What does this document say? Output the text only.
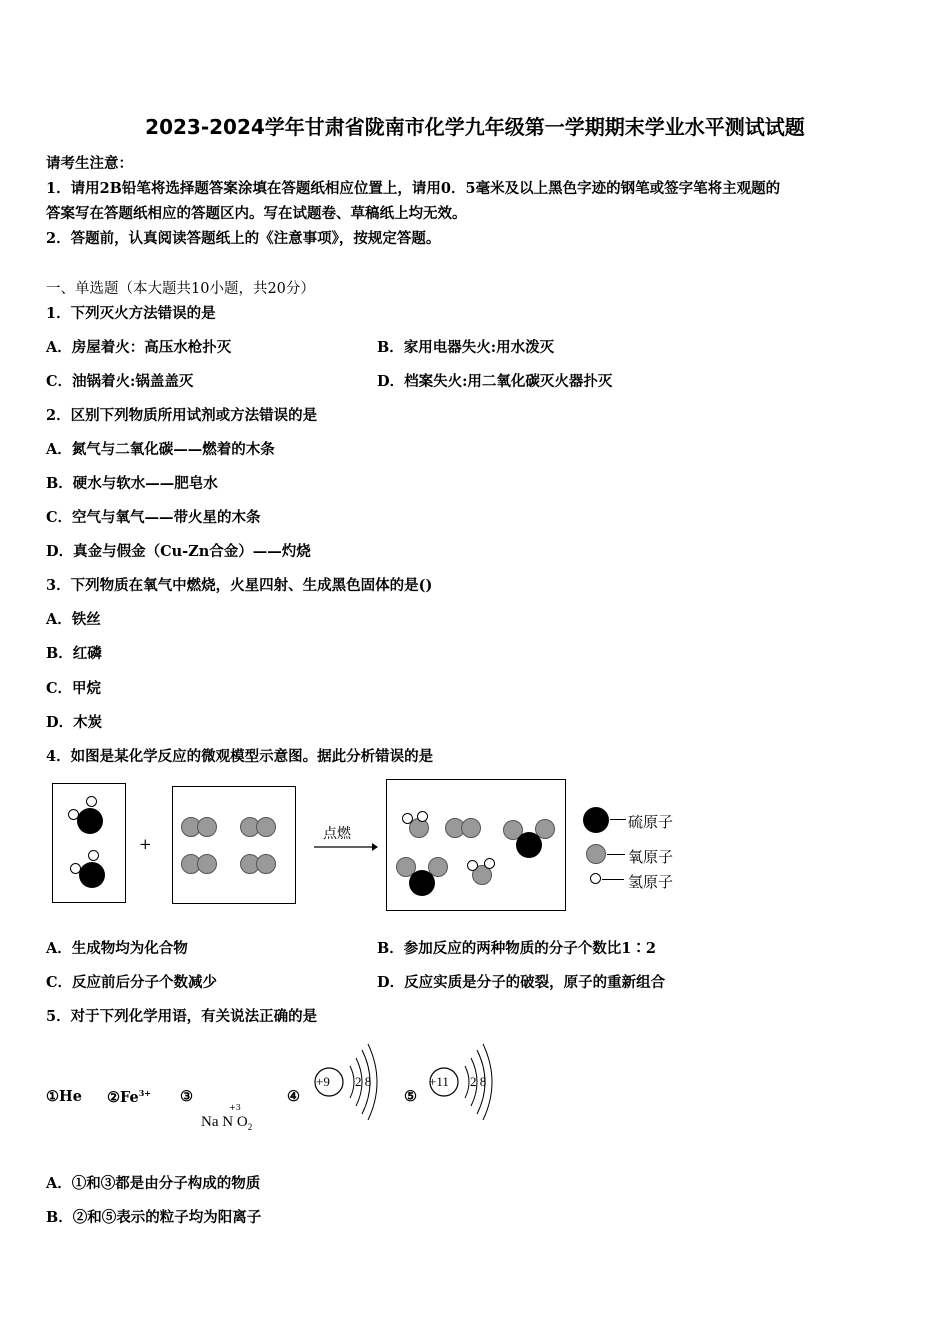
2023-2024学年甘肃省陇南市化学九年级第一学期期末学业水平测试试题
请考生注意：
1．请用2B铅笔将选择题答案涂填在答题纸相应位置上，请用0．5毫米及以上黑色字迹的钢笔或签字笔将主观题的
答案写在答题纸相应的答题区内。写在试题卷、草稿纸上均无效。
2．答题前，认真阅读答题纸上的《注意事项》，按规定答题。
一、单选题（本大题共10小题，共20分）
1．下列灭火方法错误的是
A．房屋着火：高压水枪扑灭	B．家用电器失火:用水泼灭
C．油锅着火:锅盖盖灭	D．档案失火:用二氧化碳灭火器扑灭
2．区别下列物质所用试剂或方法错误的是
A．氮气与二氧化碳——燃着的木条
B．硬水与软水——肥皂水
C．空气与氧气——带火星的木条
D．真金与假金（Cu-Zn合金）——灼烧
3．下列物质在氧气中燃烧，火星四射、生成黑色固体的是()
A．铁丝
B．红磷
C．甲烷
D．木炭
4．如图是某化学反应的微观模型示意图。据此分析错误的是
+
点燃
硫原子
氧原子
氢原子
A．生成物均为化合物	B．参加反应的两种物质的分子个数比1∶2
C．反应前后分子个数减少	D．反应实质是分子的破裂，原子的重新组合
5．对于下列化学用语，有关说法正确的是
①He $②Fe^{3+}$ ③
+3
Na N $O_2$
④
+9 2 8
⑤
+11 2 8
A．①和③都是由分子构成的物质
B．②和⑤表示的粒子均为阳离子
